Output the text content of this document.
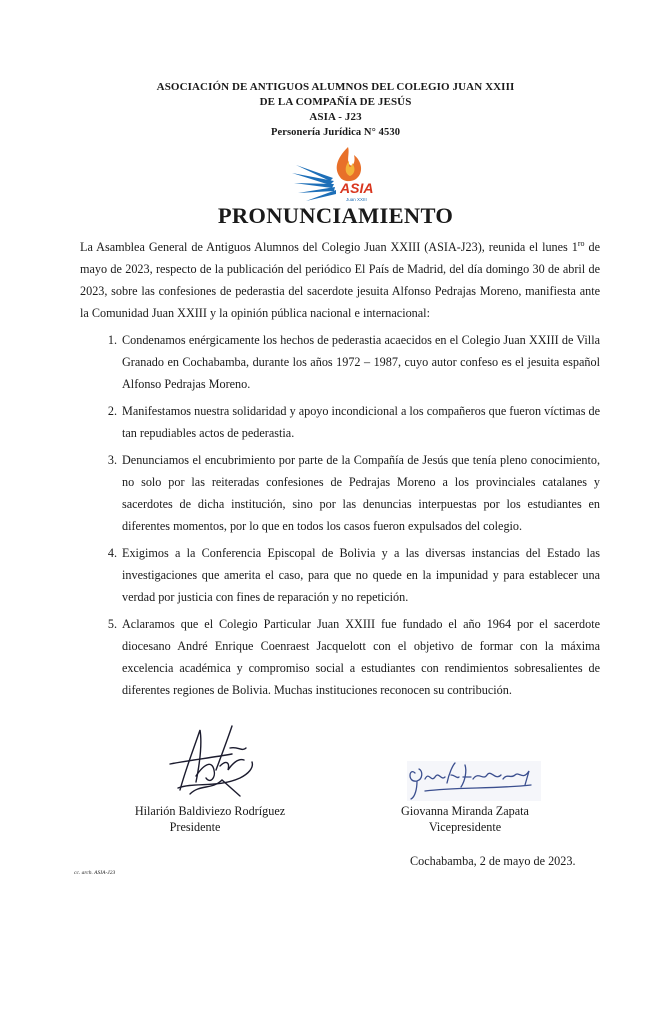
ASOCIACIÓN DE ANTIGUOS ALUMNOS DEL COLEGIO JUAN XXIII
DE LA COMPAÑÍA DE JESÚS
ASIA - J23
Personería Jurídica N° 4530
ASIA
Juan XXIII
PRONUNCIAMIENTO

La Asamblea General de Antiguos Alumnos del Colegio Juan XXIII (ASIA-J23), reunida el lunes $1^{ro}$ de mayo de 2023, respecto de la publicación del periódico El País de Madrid, del día domingo 30 de abril de 2023, sobre las confesiones de pederastia del sacerdote jesuita Alfonso Pedrajas Moreno, manifiesta ante la Comunidad Juan XXIII y la opinión pública nacional e internacional:

1. Condenamos enérgicamente los hechos de pederastia acaecidos en el Colegio Juan XXIII de Villa Granado en Cochabamba, durante los años 1972 – 1987, cuyo autor confeso es el jesuita español Alfonso Pedrajas Moreno.
2. Manifestamos nuestra solidaridad y apoyo incondicional a los compañeros que fueron víctimas de tan repudiables actos de pederastia.
3. Denunciamos el encubrimiento por parte de la Compañía de Jesús que tenía pleno conocimiento, no solo por las reiteradas confesiones de Pedrajas Moreno a los provinciales catalanes y sacerdotes de dicha institución, sino por las denuncias interpuestas por los estudiantes en diferentes momentos, por lo que en todos los casos fueron expulsados del colegio.
4. Exigimos a la Conferencia Episcopal de Bolivia y a las diversas instancias del Estado las investigaciones que amerita el caso, para que no quede en la impunidad y para establecer una verdad por justicia con fines de reparación y no repetición.
5. Aclaramos que el Colegio Particular Juan XXIII fue fundado el año 1964 por el sacerdote diocesano André Enrique Coenraest Jacquelott con el objetivo de formar con la máxima excelencia académica y compromiso social a estudiantes con rendimientos sobresalientes de diferentes regiones de Bolivia. Muchas instituciones reconocen su contribución.
Hilarión Baldiviezo Rodríguez
Presidente
Giovanna Miranda Zapata
Vicepresidente
Cochabamba, 2 de mayo de 2023.
cc. arch. ASIA-J23
